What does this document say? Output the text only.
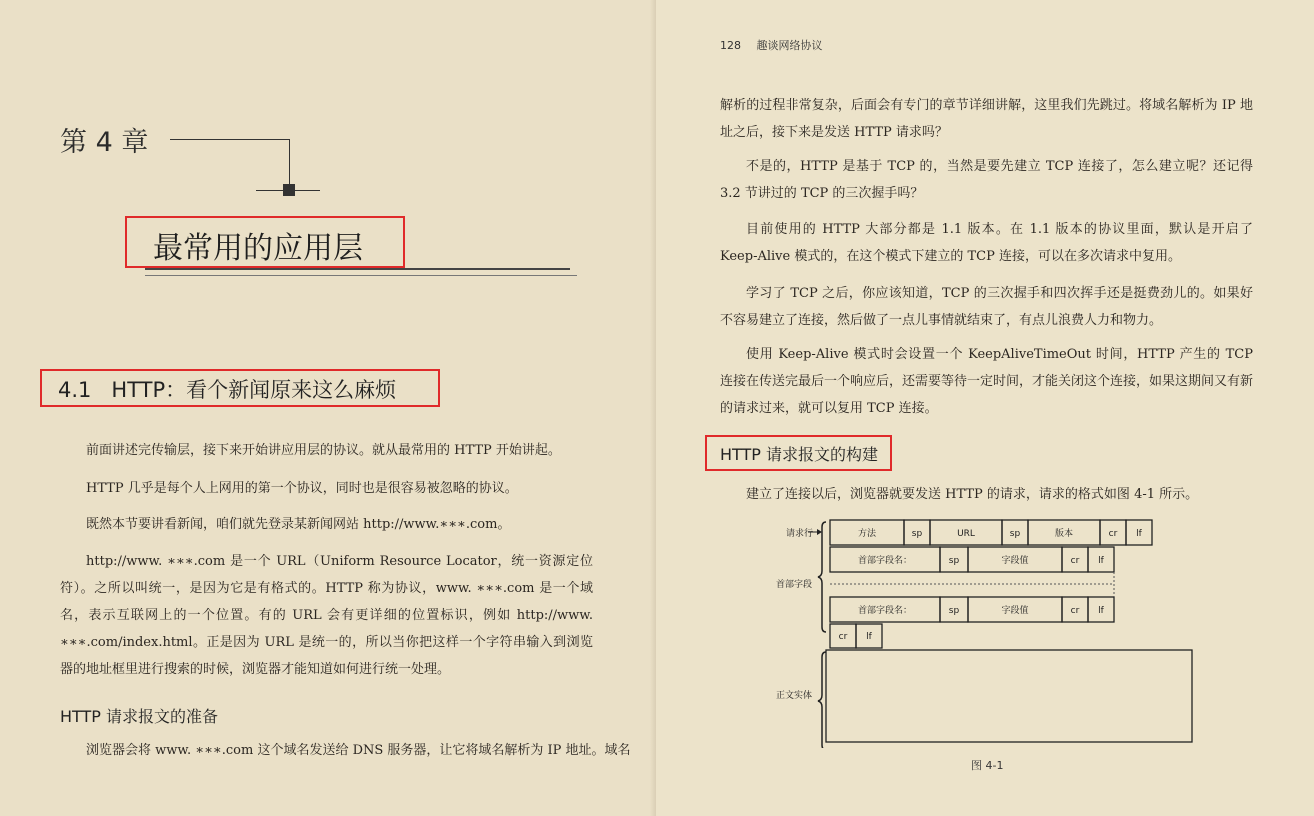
第 4 章
最常用的应用层
4.1   HTTP：看个新闻原来这么麻烦

前面讲述完传输层，接下来开始讲应用层的协议。就从最常用的 HTTP 开始讲起。

HTTP 几乎是每个人上网用的第一个协议，同时也是很容易被忽略的协议。

既然本节要讲看新闻，咱们就先登录某新闻网站 http://www.∗∗∗.com。

http://www. ∗∗∗.com 是一个 URL（Uniform Resource Locator，统一资源定位符）。之所以叫统一，是因为它是有格式的。HTTP 称为协议，www. ∗∗∗.com 是一个域名，表示互联网上的一个位置。有的 URL 会有更详细的位置标识，例如 http://www. ∗∗∗.com/index.html。正是因为 URL 是统一的，所以当你把这样一个字符串输入到浏览器的地址框里进行搜索的时候，浏览器才能知道如何进行统一处理。

HTTP 请求报文的准备

浏览器会将 www. ∗∗∗.com 这个域名发送给 DNS 服务器，让它将域名解析为 IP 地址。域名

128 趣谈网络协议

解析的过程非常复杂，后面会有专门的章节详细讲解，这里我们先跳过。将域名解析为 IP 地址之后，接下来是发送 HTTP 请求吗？

不是的，HTTP 是基于 TCP 的，当然是要先建立 TCP 连接了，怎么建立呢？还记得 3.2 节讲过的 TCP 的三次握手吗？

目前使用的 HTTP 大部分都是 1.1 版本。在 1.1 版本的协议里面，默认是开启了 Keep-Alive 模式的，在这个模式下建立的 TCP 连接，可以在多次请求中复用。

学习了 TCP 之后，你应该知道，TCP 的三次握手和四次挥手还是挺费劲儿的。如果好不容易建立了连接，然后做了一点儿事情就结束了，有点儿浪费人力和物力。

使用 Keep-Alive 模式时会设置一个 KeepAliveTimeOut 时间，HTTP 产生的 TCP 连接在传送完最后一个响应后，还需要等待一定时间，才能关闭这个连接，如果这期间又有新的请求过来，就可以复用 TCP 连接。

HTTP 请求报文的构建

建立了连接以后，浏览器就要发送 HTTP 的请求，请求的格式如图 4-1 所示。

请求行
首部字段
正文实体
方法	sp	URL	sp	版本	cr lf
首部字段名：	sp	字段值	cr lf
首部字段名：	sp	字段值	cr lf
cr lf
图 4-1
